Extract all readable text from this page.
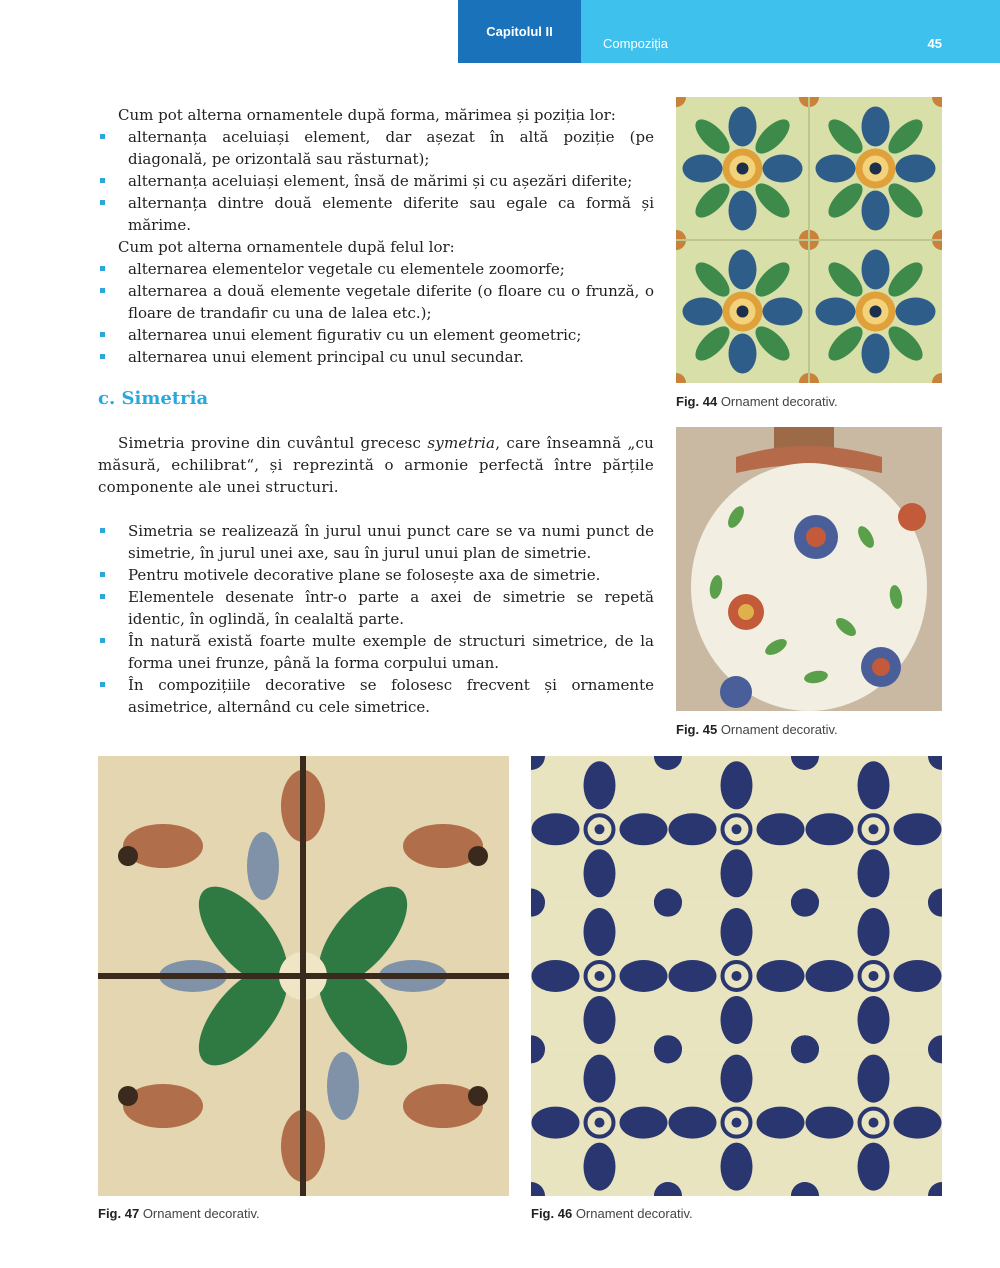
Capitolul II
Compoziția	45

Cum pot alterna ornamentele după forma, mărimea și poziția lor:

alternanța aceluiași element, dar așezat în altă poziție (pe diagonală, pe orizontală sau răsturnat);
alternanța aceluiași element, însă de mărimi și cu așezări diferite;
alternanța dintre două elemente diferite sau egale ca formă și mărime.

Cum pot alterna ornamentele după felul lor:

alternarea elementelor vegetale cu elementele zoomorfe;
alternarea a două elemente vegetale diferite (o floare cu o frunză, o floare de trandafir cu una de lalea etc.);
alternarea unui element figurativ cu un element geometric;
alternarea unui element principal cu unul secundar.
c. Simetria

Simetria provine din cuvântul grecesc symetria, care înseamnă „cu măsură, echilibrat“, și reprezintă o armonie perfectă între părțile componente ale unei structuri.

Simetria se realizează în jurul unui punct care se va numi punct de simetrie, în jurul unei axe, sau în jurul unui plan de simetrie.
Pentru motivele decorative plane se folosește axa de simetrie.
Elementele desenate într-o parte a axei de simetrie se repetă identic, în oglindă, în cealaltă parte.
În natură există foarte multe exemple de structuri simetrice, de la forma unei frunze, până la forma corpului uman.
În compozițiile decorative se folosesc frecvent și ornamente asimetrice, alternând cu cele simetrice.
Fig. 44 Ornament decorativ.
Fig. 45 Ornament decorativ.
Fig. 47 Ornament decorativ.	Fig. 46 Ornament decorativ.
